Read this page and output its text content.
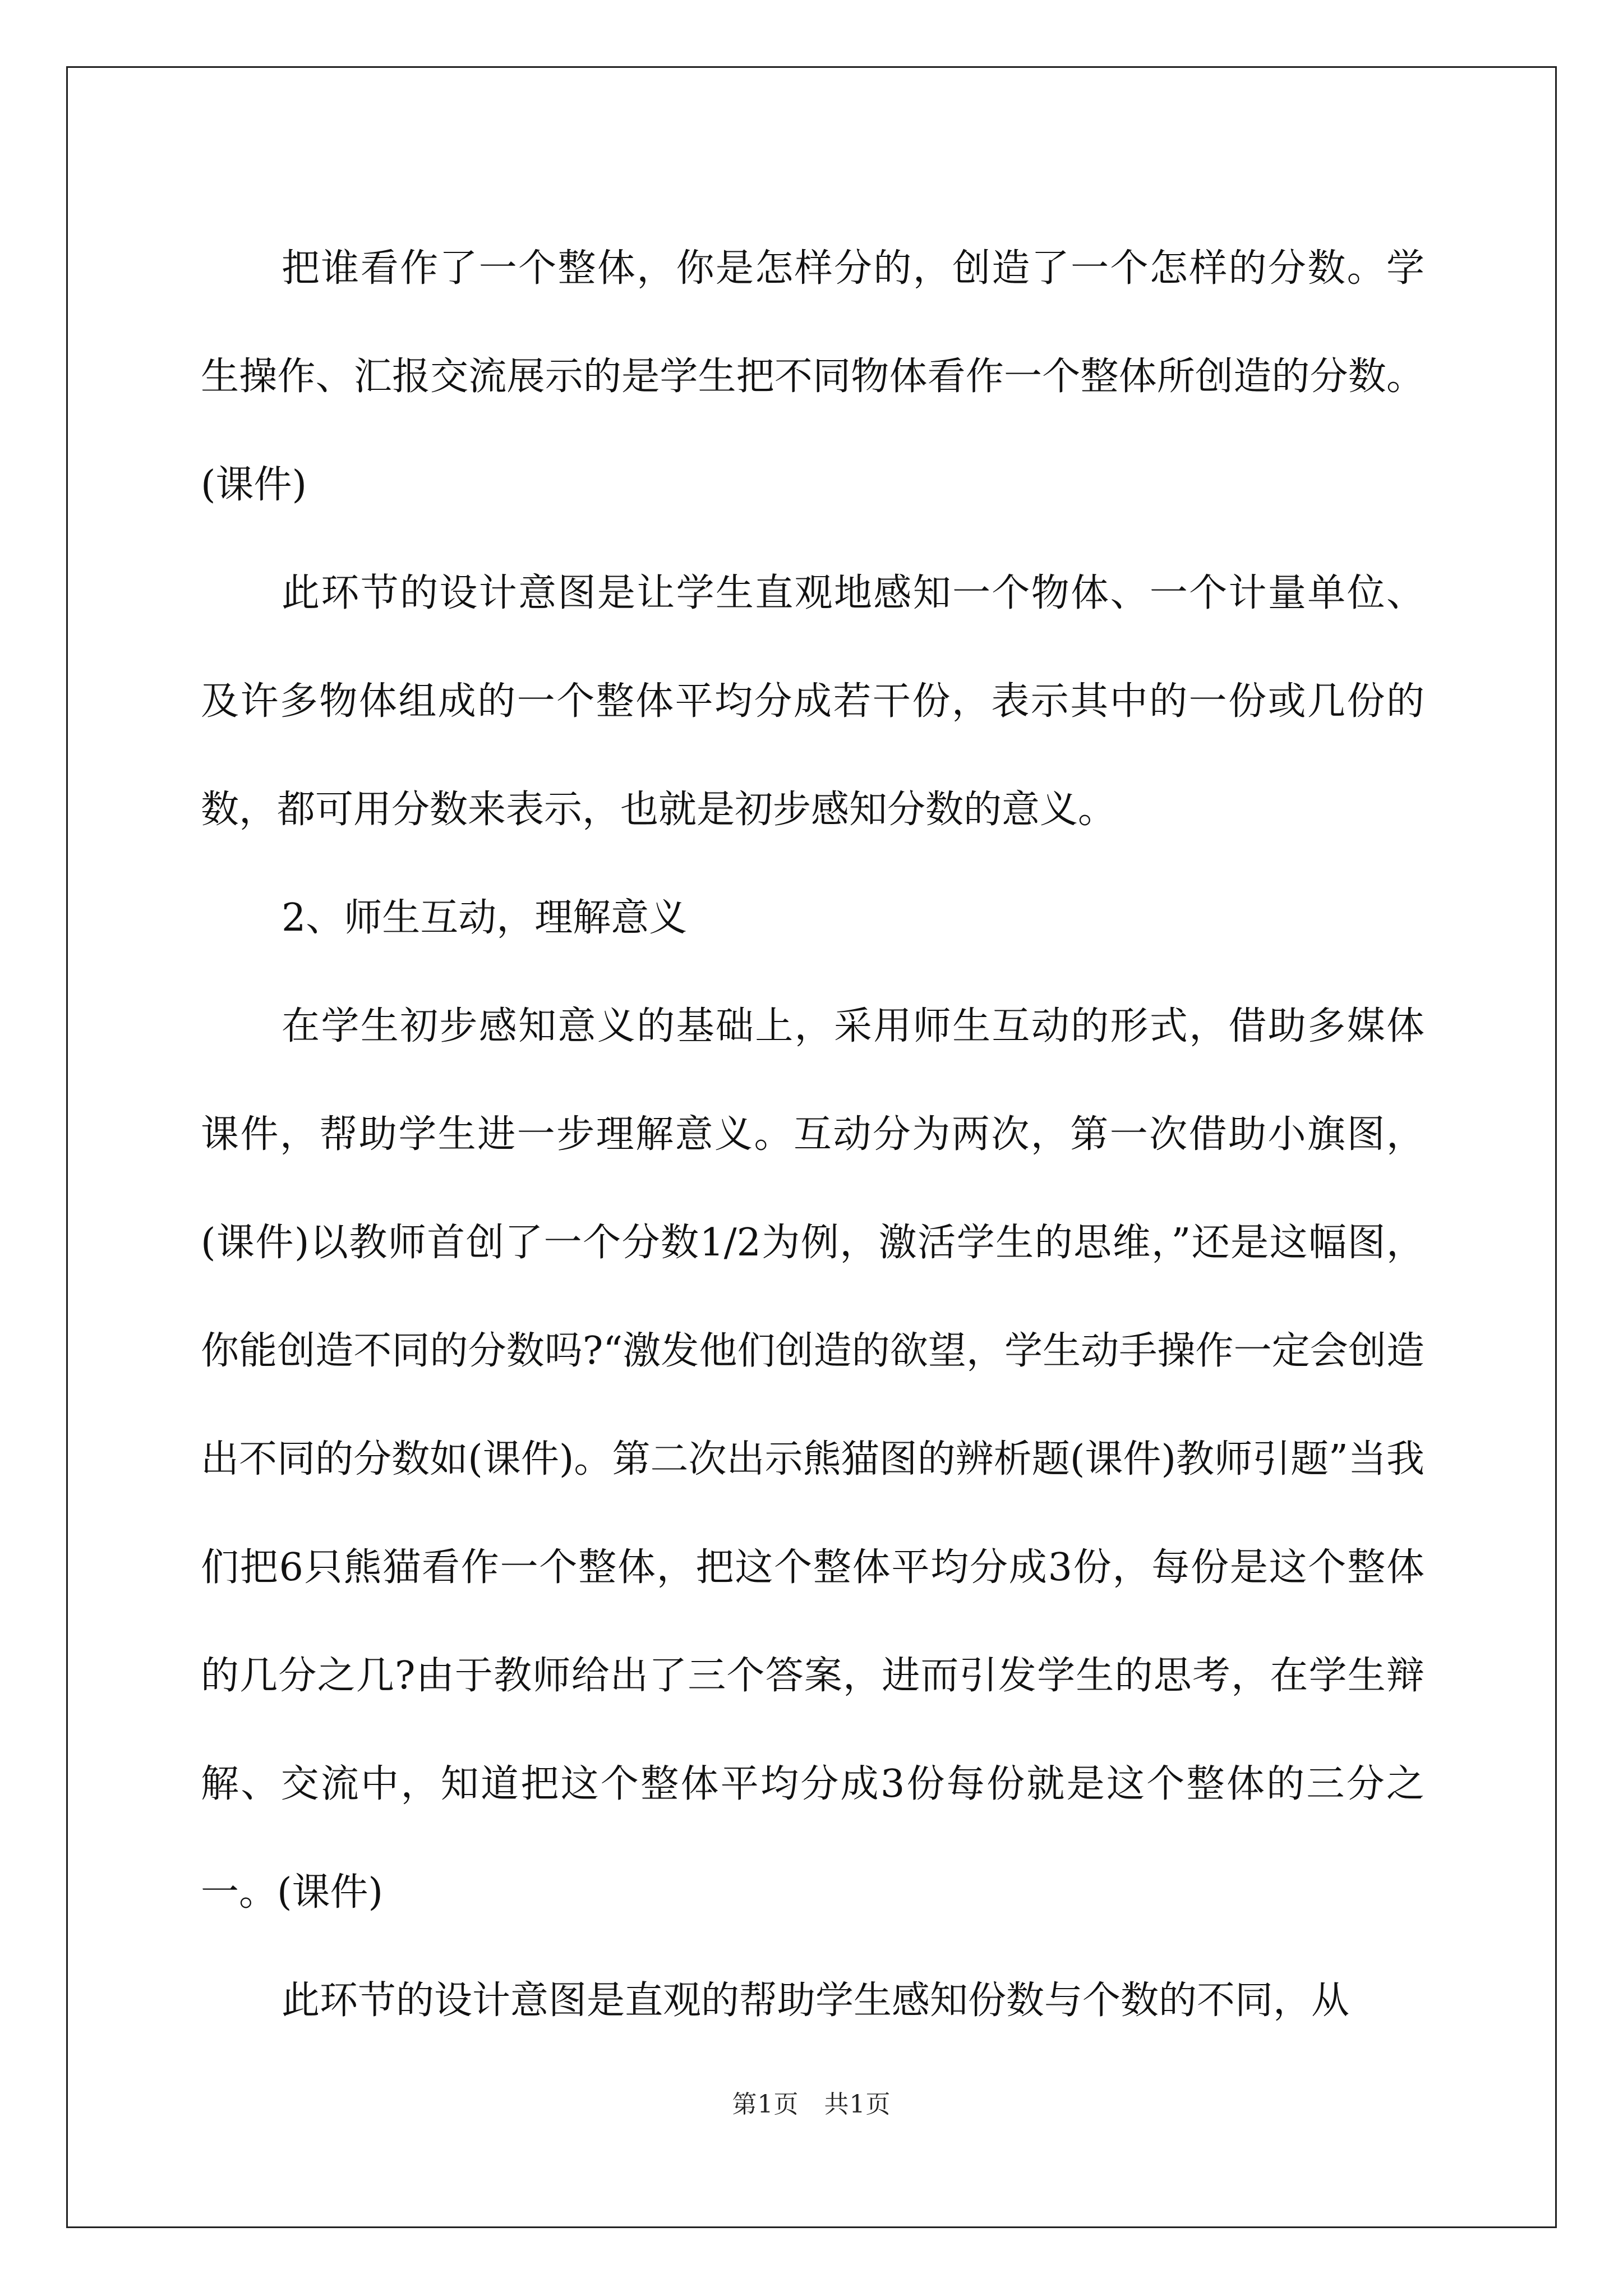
把谁看作了一个整体，你是怎样分的，创造了一个怎样的分数。学生操作、汇报交流展示的是学生把不同物体看作一个整体所创造的分数。(课件)

此环节的设计意图是让学生直观地感知一个物体、一个计量单位、及许多物体组成的一个整体平均分成若干份，表示其中的一份或几份的数，都可用分数来表示，也就是初步感知分数的意义。

2、师生互动，理解意义

在学生初步感知意义的基础上，采用师生互动的形式，借助多媒体课件，帮助学生进一步理解意义。互动分为两次，第一次借助小旗图，(课件)以教师首创了一个分数1/2为例，激活学生的思维，”还是这幅图，你能创造不同的分数吗?“激发他们创造的欲望，学生动手操作一定会创造出不同的分数如(课件)。第二次出示熊猫图的辨析题(课件)教师引题”当我们把6只熊猫看作一个整体，把这个整体平均分成3份，每份是这个整体的几分之几?由于教师给出了三个答案，进而引发学生的思考，在学生辩解、交流中，知道把这个整体平均分成3份每份就是这个整体的三分之一。(课件)

此环节的设计意图是直观的帮助学生感知份数与个数的不同，从

第1页　共1页
